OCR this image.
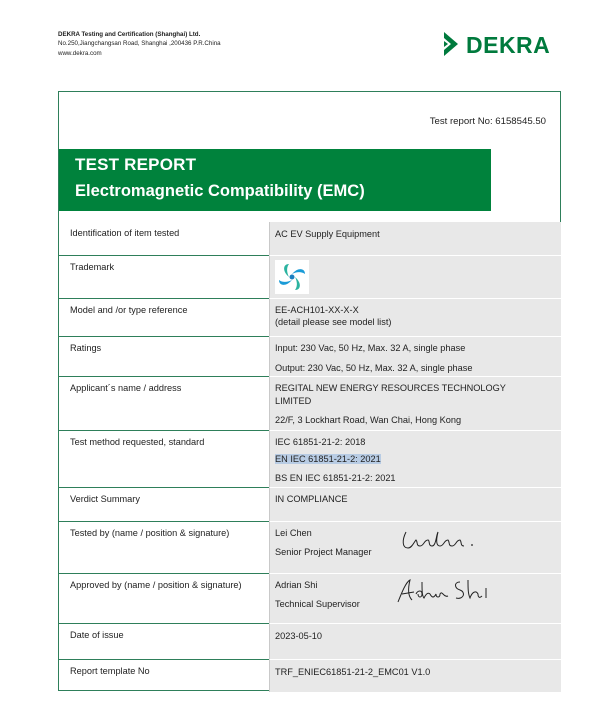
DEKRA Testing and Certification (Shanghai) Ltd.
No.250,Jiangchangsan Road, Shanghai ,200436 P.R.China
www.dekra.com	DEKRA
Test report No: 6158545.50
TEST REPORT
Electromagnetic Compatibility (EMC)
Identification of item tested	AC EV Supply Equipment
Trademark
Model and /or type reference	EE-ACH101-XX-X-X
(detail please see model list)
Ratings	Input: 230 Vac, 50 Hz, Max. 32 A, single phase
Output: 230 Vac, 50 Hz, Max. 32 A, single phase
Applicant´s name / address	REGITAL NEW ENERGY RESOURCES TECHNOLOGY
LIMITED
22/F, 3 Lockhart Road, Wan Chai, Hong Kong
Test method requested, standard	IEC 61851-21-2: 2018
EN IEC 61851-21-2: 2021
BS EN IEC 61851-21-2: 2021
Verdict Summary	IN COMPLIANCE
Tested by (name / position & signature)	Lei Chen
Senior Project Manager
Approved by (name / position & signature)	Adrian Shi
Technical Supervisor
Date of issue	2023-05-10
Report template No	TRF_ENIEC61851-21-2_EMC01 V1.0
